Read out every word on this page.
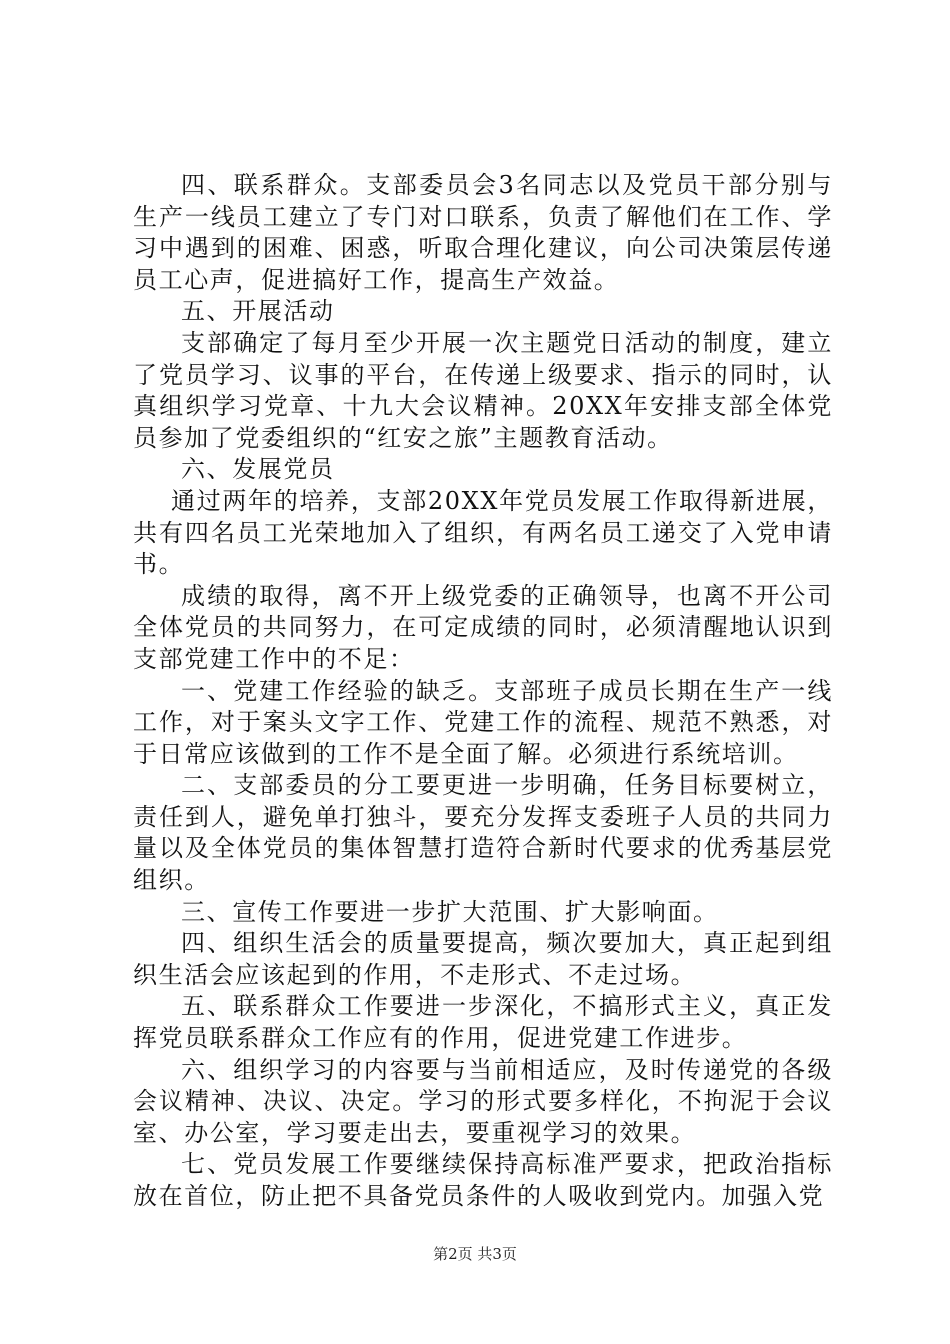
四、联系群众。支部委员会3名同志以及党员干部分别与生产一线员工建立了专门对口联系，负责了解他们在工作、学习中遇到的困难、困惑，听取合理化建议，向公司决策层传递员工心声，促进搞好工作，提高生产效益。

五、开展活动

支部确定了每月至少开展一次主题党日活动的制度，建立了党员学习、议事的平台，在传递上级要求、指示的同时，认真组织学习党章、十九大会议精神。20XX年安排支部全体党员参加了党委组织的“红安之旅”主题教育活动。

六、发展党员

通过两年的培养，支部20XX年党员发展工作取得新进展，共有四名员工光荣地加入了组织，有两名员工递交了入党申请书。

成绩的取得，离不开上级党委的正确领导，也离不开公司全体党员的共同努力，在可定成绩的同时，必须清醒地认识到支部党建工作中的不足：

一、党建工作经验的缺乏。支部班子成员长期在生产一线工作，对于案头文字工作、党建工作的流程、规范不熟悉，对于日常应该做到的工作不是全面了解。必须进行系统培训。

二、支部委员的分工要更进一步明确，任务目标要树立，责任到人，避免单打独斗，要充分发挥支委班子人员的共同力量以及全体党员的集体智慧打造符合新时代要求的优秀基层党组织。

三、宣传工作要进一步扩大范围、扩大影响面。

四、组织生活会的质量要提高，频次要加大，真正起到组织生活会应该起到的作用，不走形式、不走过场。

五、联系群众工作要进一步深化，不搞形式主义，真正发挥党员联系群众工作应有的作用，促进党建工作进步。

六、组织学习的内容要与当前相适应，及时传递党的各级会议精神、决议、决定。学习的形式要多样化，不拘泥于会议室、办公室，学习要走出去，要重视学习的效果。

七、党员发展工作要继续保持高标准严要求，把政治指标放在首位，防止把不具备党员条件的人吸收到党内。加强入党

第2页 共3页
